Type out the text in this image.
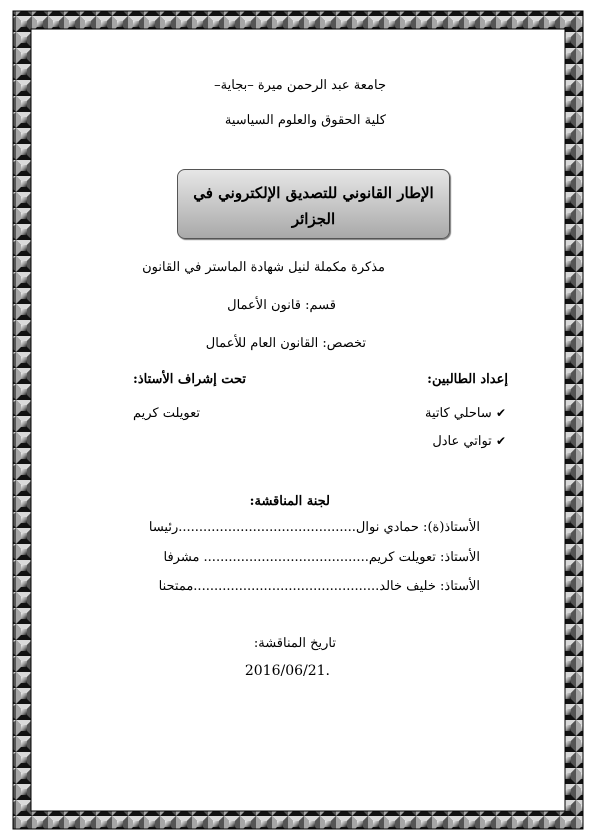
جامعة عبد الرحمن ميرة –بجاية–
كلية الحقوق والعلوم السياسية
الإطار القانوني للتصديق الإلكتروني في
الجزائر
مذكرة مكملة لنيل شهادة الماستر في القانون
قسم: قانون الأعمال
تخصص: القانون العام للأعمال
إعداد الطالبين:
تحت إشراف الأستاذ:
✔ ساحلي كاتية
✔ تواتي عادل
تعويلت كريم
لجنة المناقشة:
الأستاذ(ة): حمادي نوال...........................................رئيسا
الأستاذ: تعويلت كريم........................................ مشرفا
الأستاذ: خليف خالد.............................................ممتحنا
تاريخ المناقشة:
2016/06/21.
